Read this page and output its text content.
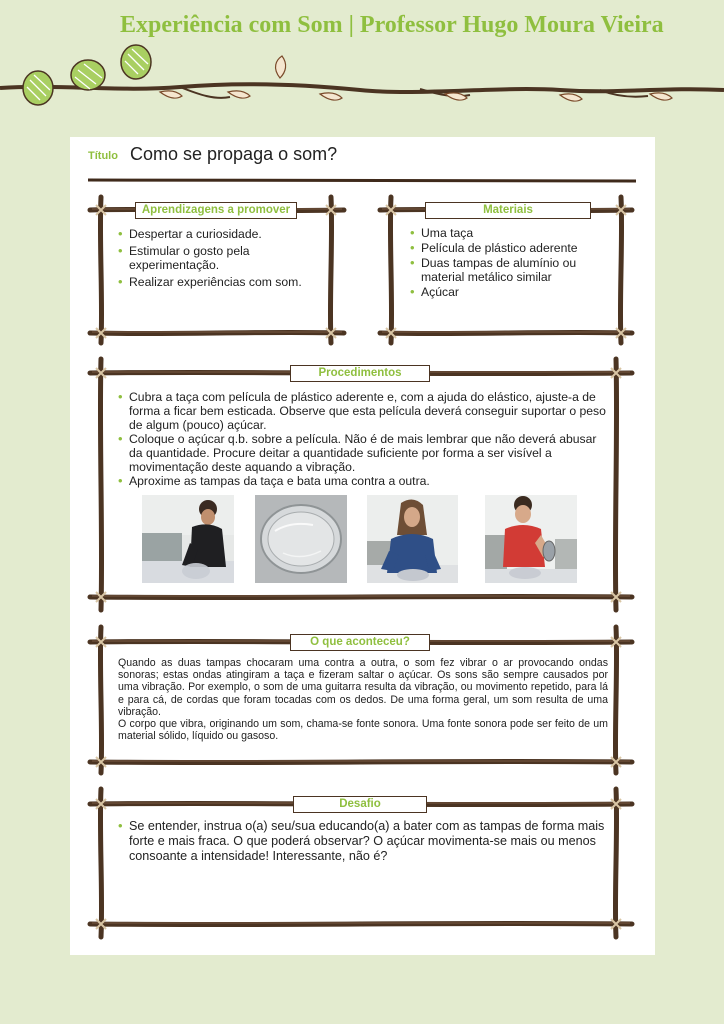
Experiência com Som | Professor Hugo Moura Vieira
Título Como se propaga o som?
Aprendizagens a promover
• Despertar a curiosidade.
• Estimular o gosto pela experimentação.
• Realizar experiências com som.
Materiais
• Uma taça
• Película de plástico aderente
• Duas tampas de alumínio ou material metálico similar
• Açúcar
Procedimentos
• Cubra a taça com película de plástico aderente e, com a ajuda do elástico, ajuste-a de forma a ficar bem esticada. Observe que esta película deverá conseguir suportar o peso de algum (pouco) açúcar.
• Coloque o açúcar q.b. sobre a película. Não é de mais lembrar que não deverá abusar da quantidade. Procure deitar a quantidade suficiente por forma a ser visível a movimentação deste aquando a vibração.
• Aproxime as tampas da taça e bata uma contra a outra.
O que aconteceu?

Quando as duas tampas chocaram uma contra a outra, o som fez vibrar o ar provocando ondas sonoras; estas ondas atingiram a taça e fizeram saltar o açúcar. Os sons são sempre causados por uma vibração. Por exemplo, o som de uma guitarra resulta da vibração, ou movimento repetido, para lá e para cá, de cordas que foram tocadas com os dedos. De uma forma geral, um som resulta de uma vibração.

O corpo que vibra, originando um som, chama-se fonte sonora. Uma fonte sonora pode ser feito de um material sólido, líquido ou gasoso.

Desafio
• Se entender, instrua o(a) seu/sua educando(a) a bater com as tampas de forma mais forte e mais fraca. O que poderá observar? O açúcar movimenta-se mais ou menos consoante a intensidade! Interessante, não é?
